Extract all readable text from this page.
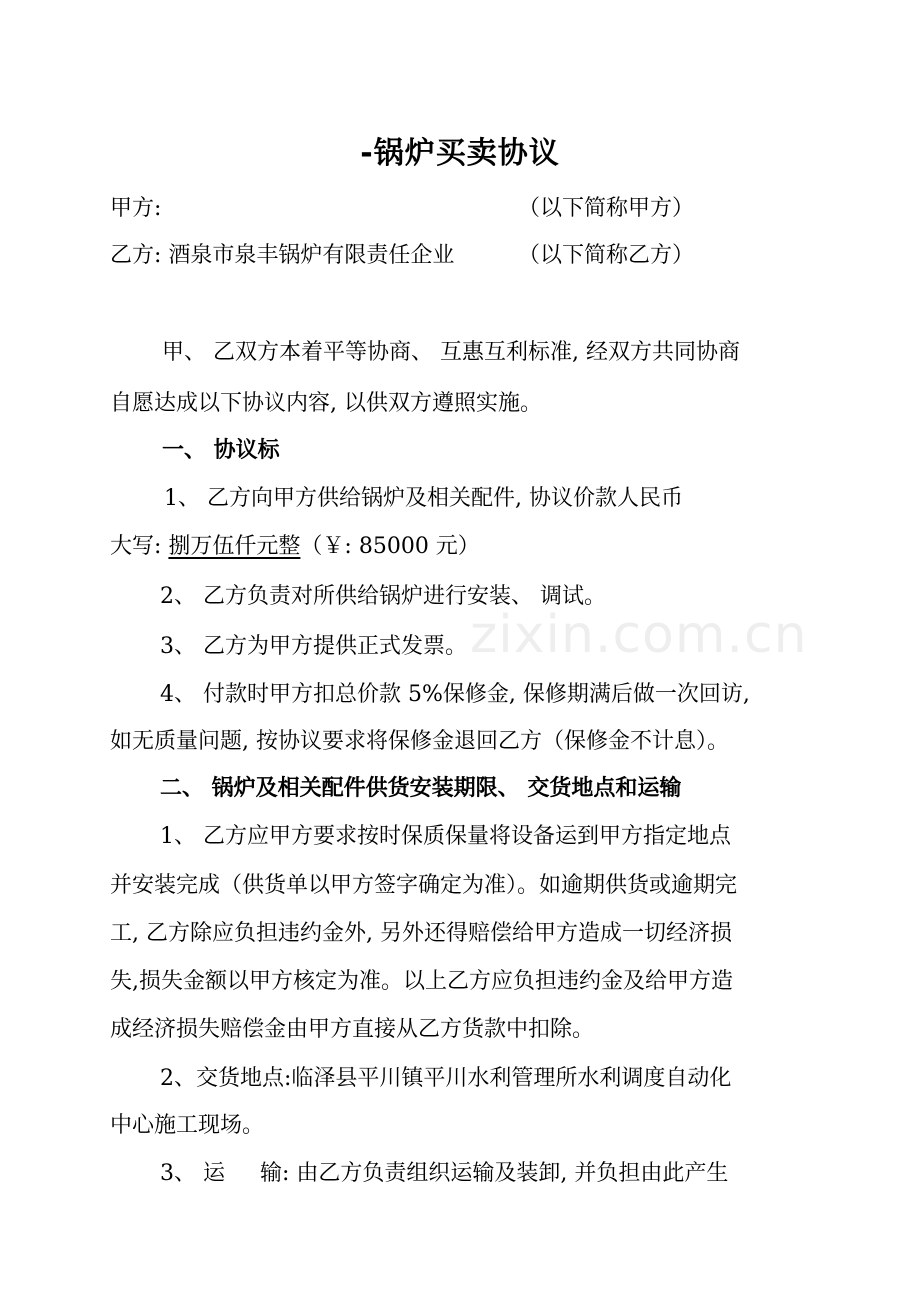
zixin.com.cn
-锅炉买卖协议
甲方:	（以下简称甲方）
乙方: 酒泉市泉丰锅炉有限责任企业	（以下简称乙方）
甲、 乙双方本着平等协商、 互惠互利标准, 经双方共同协商
自愿达成以下协议内容, 以供双方遵照实施。
一、 协议标
1、 乙方向甲方供给锅炉及相关配件, 协议价款人民币
大写: 捌万伍仟元整（￥: 85000 元）
2、 乙方负责对所供给锅炉进行安装、 调试。
3、 乙方为甲方提供正式发票。
4、 付款时甲方扣总价款 5%保修金, 保修期满后做一次回访,
如无质量问题, 按协议要求将保修金退回乙方（保修金不计息）。
二、 锅炉及相关配件供货安装期限、 交货地点和运输
1、 乙方应甲方要求按时保质保量将设备运到甲方指定地点
并安装完成（供货单以甲方签字确定为准）。如逾期供货或逾期完
工, 乙方除应负担违约金外, 另外还得赔偿给甲方造成一切经济损
失,损失金额以甲方核定为准。以上乙方应负担违约金及给甲方造
成经济损失赔偿金由甲方直接从乙方货款中扣除。
2、交货地点:临泽县平川镇平川水利管理所水利调度自动化
中心施工现场。
3、 运     输: 由乙方负责组织运输及装卸, 并负担由此产生
